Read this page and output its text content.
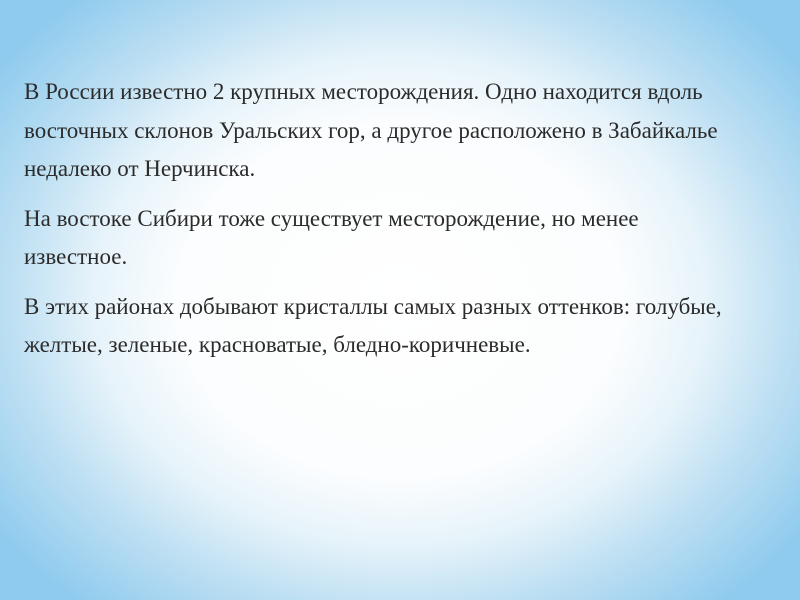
В России известно 2 крупных месторождения. Одно находится вдоль восточных склонов Уральских гор, а другое расположено в Забайкалье недалеко от Нерчинска.

На востоке Сибири тоже существует месторождение, но менее известное.

В этих районах добывают кристаллы самых разных оттенков: голубые, желтые, зеленые, красноватые, бледно-коричневые.
